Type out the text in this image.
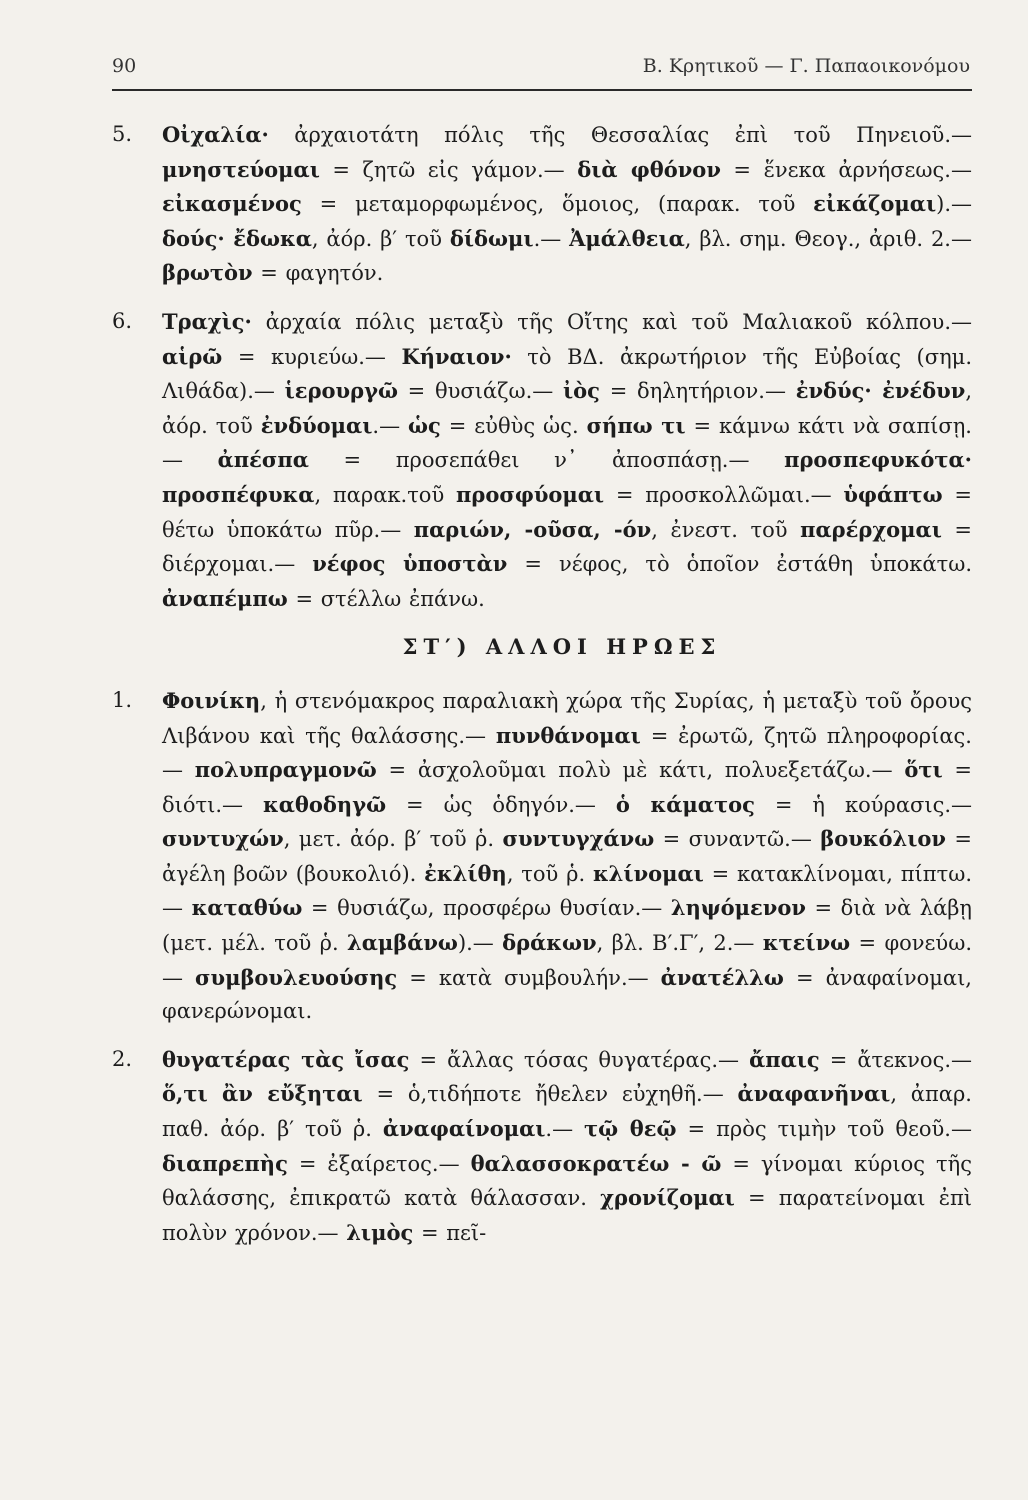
90	Β. Κρητικοῦ — Γ. Παπαοικονόμου
5.	Οἰχαλία· ἀρχαιοτάτη πόλις τῆς Θεσσαλίας ἐπὶ τοῦ Πηνειοῦ.— μνηστεύομαι = ζητῶ εἰς γάμον.— διὰ φθόνον = ἕνεκα ἀρνήσεως.— εἰκασμένος = μεταμορφωμένος, ὅμοιος, (παρακ. τοῦ εἰκάζομαι).— δούς· ἔδωκα, ἀόρ. β′ τοῦ δίδωμι.— Ἀμάλθεια, βλ. σημ. Θεογ., ἀριθ. 2.— βρωτὸν = φαγητόν.
6.	Τραχὶς· ἀρχαία πόλις μεταξὺ τῆς Οἴτης καὶ τοῦ Μαλιακοῦ κόλπου.— αἱρῶ = κυριεύω.— Κήναιον· τὸ ΒΔ. ἀκρωτήριον τῆς Εὐβοίας (σημ. Λιθάδα).— ἱερουργῶ = θυσιάζω.— ἰὸς = δηλητήριον.— ἐνδύς· ἐνέδυν, ἀόρ. τοῦ ἐνδύομαι.— ὡς = εὐθὺς ὡς. σήπω τι = κάμνω κάτι νὰ σαπίσῃ.— ἀπέσπα = προσεπάθει ν᾽ ἀποσπάσῃ.— προσπεφυκότα· προσπέφυκα, παρακ.τοῦ προσφύομαι = προσκολλῶμαι.— ὑφάπτω = θέτω ὑποκάτω πῦρ.— παριών, -οῦσα, -όν, ἐνεστ. τοῦ παρέρχομαι = διέρχομαι.— νέφος ὑποστὰν = νέφος, τὸ ὁποῖον ἐστάθη ὑποκάτω. ἀναπέμπω = στέλλω ἐπάνω.
ΣΤ′) ΑΛΛΟΙ ΗΡΩΕΣ
1.	Φοινίκη, ἡ στενόμακρος παραλιακὴ χώρα τῆς Συρίας, ἡ μεταξὺ τοῦ ὄρους Λιβάνου καὶ τῆς θαλάσσης.— πυνθάνομαι = ἐρωτῶ, ζητῶ πληροφορίας.— πολυπραγμονῶ = ἀσχολοῦμαι πολὺ μὲ κάτι, πολυεξετάζω.— ὅτι = διότι.— καθοδηγῶ = ὡς ὁδηγόν.— ὁ κάματος = ἡ κούρασις.— συντυχών, μετ. ἀόρ. β′ τοῦ ῥ. συντυγχάνω = συναντῶ.— βουκόλιον = ἀγέλη βοῶν (βουκολιό). ἐκλίθη, τοῦ ῥ. κλίνομαι = κατακλίνομαι, πίπτω.— καταθύω = θυσιάζω, προσφέρω θυσίαν.— ληψόμενον = διὰ νὰ λάβῃ (μετ. μέλ. τοῦ ῥ. λαμβάνω).— δράκων, βλ. Β′.Γ′, 2.— κτείνω = φονεύω.— συμβουλευούσης = κατὰ συμβουλήν.— ἀνατέλλω = ἀναφαίνομαι, φανερώνομαι.
2.	θυγατέρας τὰς ἴσας = ἄλλας τόσας θυγατέρας.— ἄπαις = ἄτεκνος.— ὅ,τι ἂν εὔξηται = ὁ,τιδήποτε ἤθελεν εὐχηθῆ.— ἀναφανῆναι, ἀπαρ. παθ. ἀόρ. β′ τοῦ ῥ. ἀναφαίνομαι.— τῷ θεῷ = πρὸς τιμὴν τοῦ θεοῦ.— διαπρεπὴς = ἐξαίρετος.— θαλασσοκρατέω - ῶ = γίνομαι κύριος τῆς θαλάσσης, ἐπικρατῶ κατὰ θάλασσαν. χρονίζομαι = παρατείνομαι ἐπὶ πολὺν χρόνον.— λιμὸς = πεῖ-
